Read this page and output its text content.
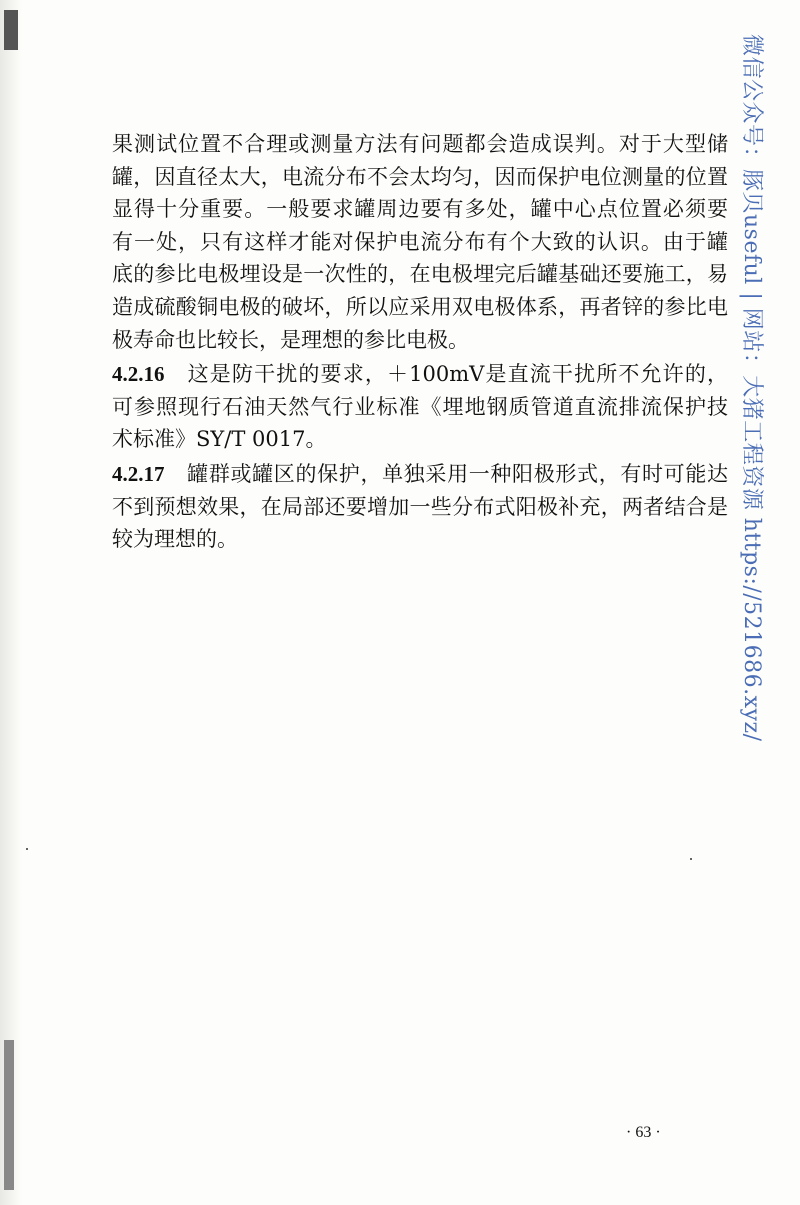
果测试位置不合理或测量方法有问题都会造成误判。对于大型储
罐，因直径太大，电流分布不会太均匀，因而保护电位测量的位置
显得十分重要。一般要求罐周边要有多处，罐中心点位置必须要
有一处，只有这样才能对保护电流分布有个大致的认识。由于罐
底的参比电极埋设是一次性的，在电极埋完后罐基础还要施工，易
造成硫酸铜电极的破坏，所以应采用双电极体系，再者锌的参比电
极寿命也比较长，是理想的参比电极。
4.2.16 这是防干扰的要求，＋100mV是直流干扰所不允许的，
可参照现行石油天然气行业标准《埋地钢质管道直流排流保护技
术标准》SY/T 0017。
4.2.17 罐群或罐区的保护，单独采用一种阳极形式，有时可能达
不到预想效果，在局部还要增加一些分布式阳极补充，两者结合是
较为理想的。	微信公众号：豚贝useful | 网站：大猪工程资源 https://521686.xyz/
· 63 ·
